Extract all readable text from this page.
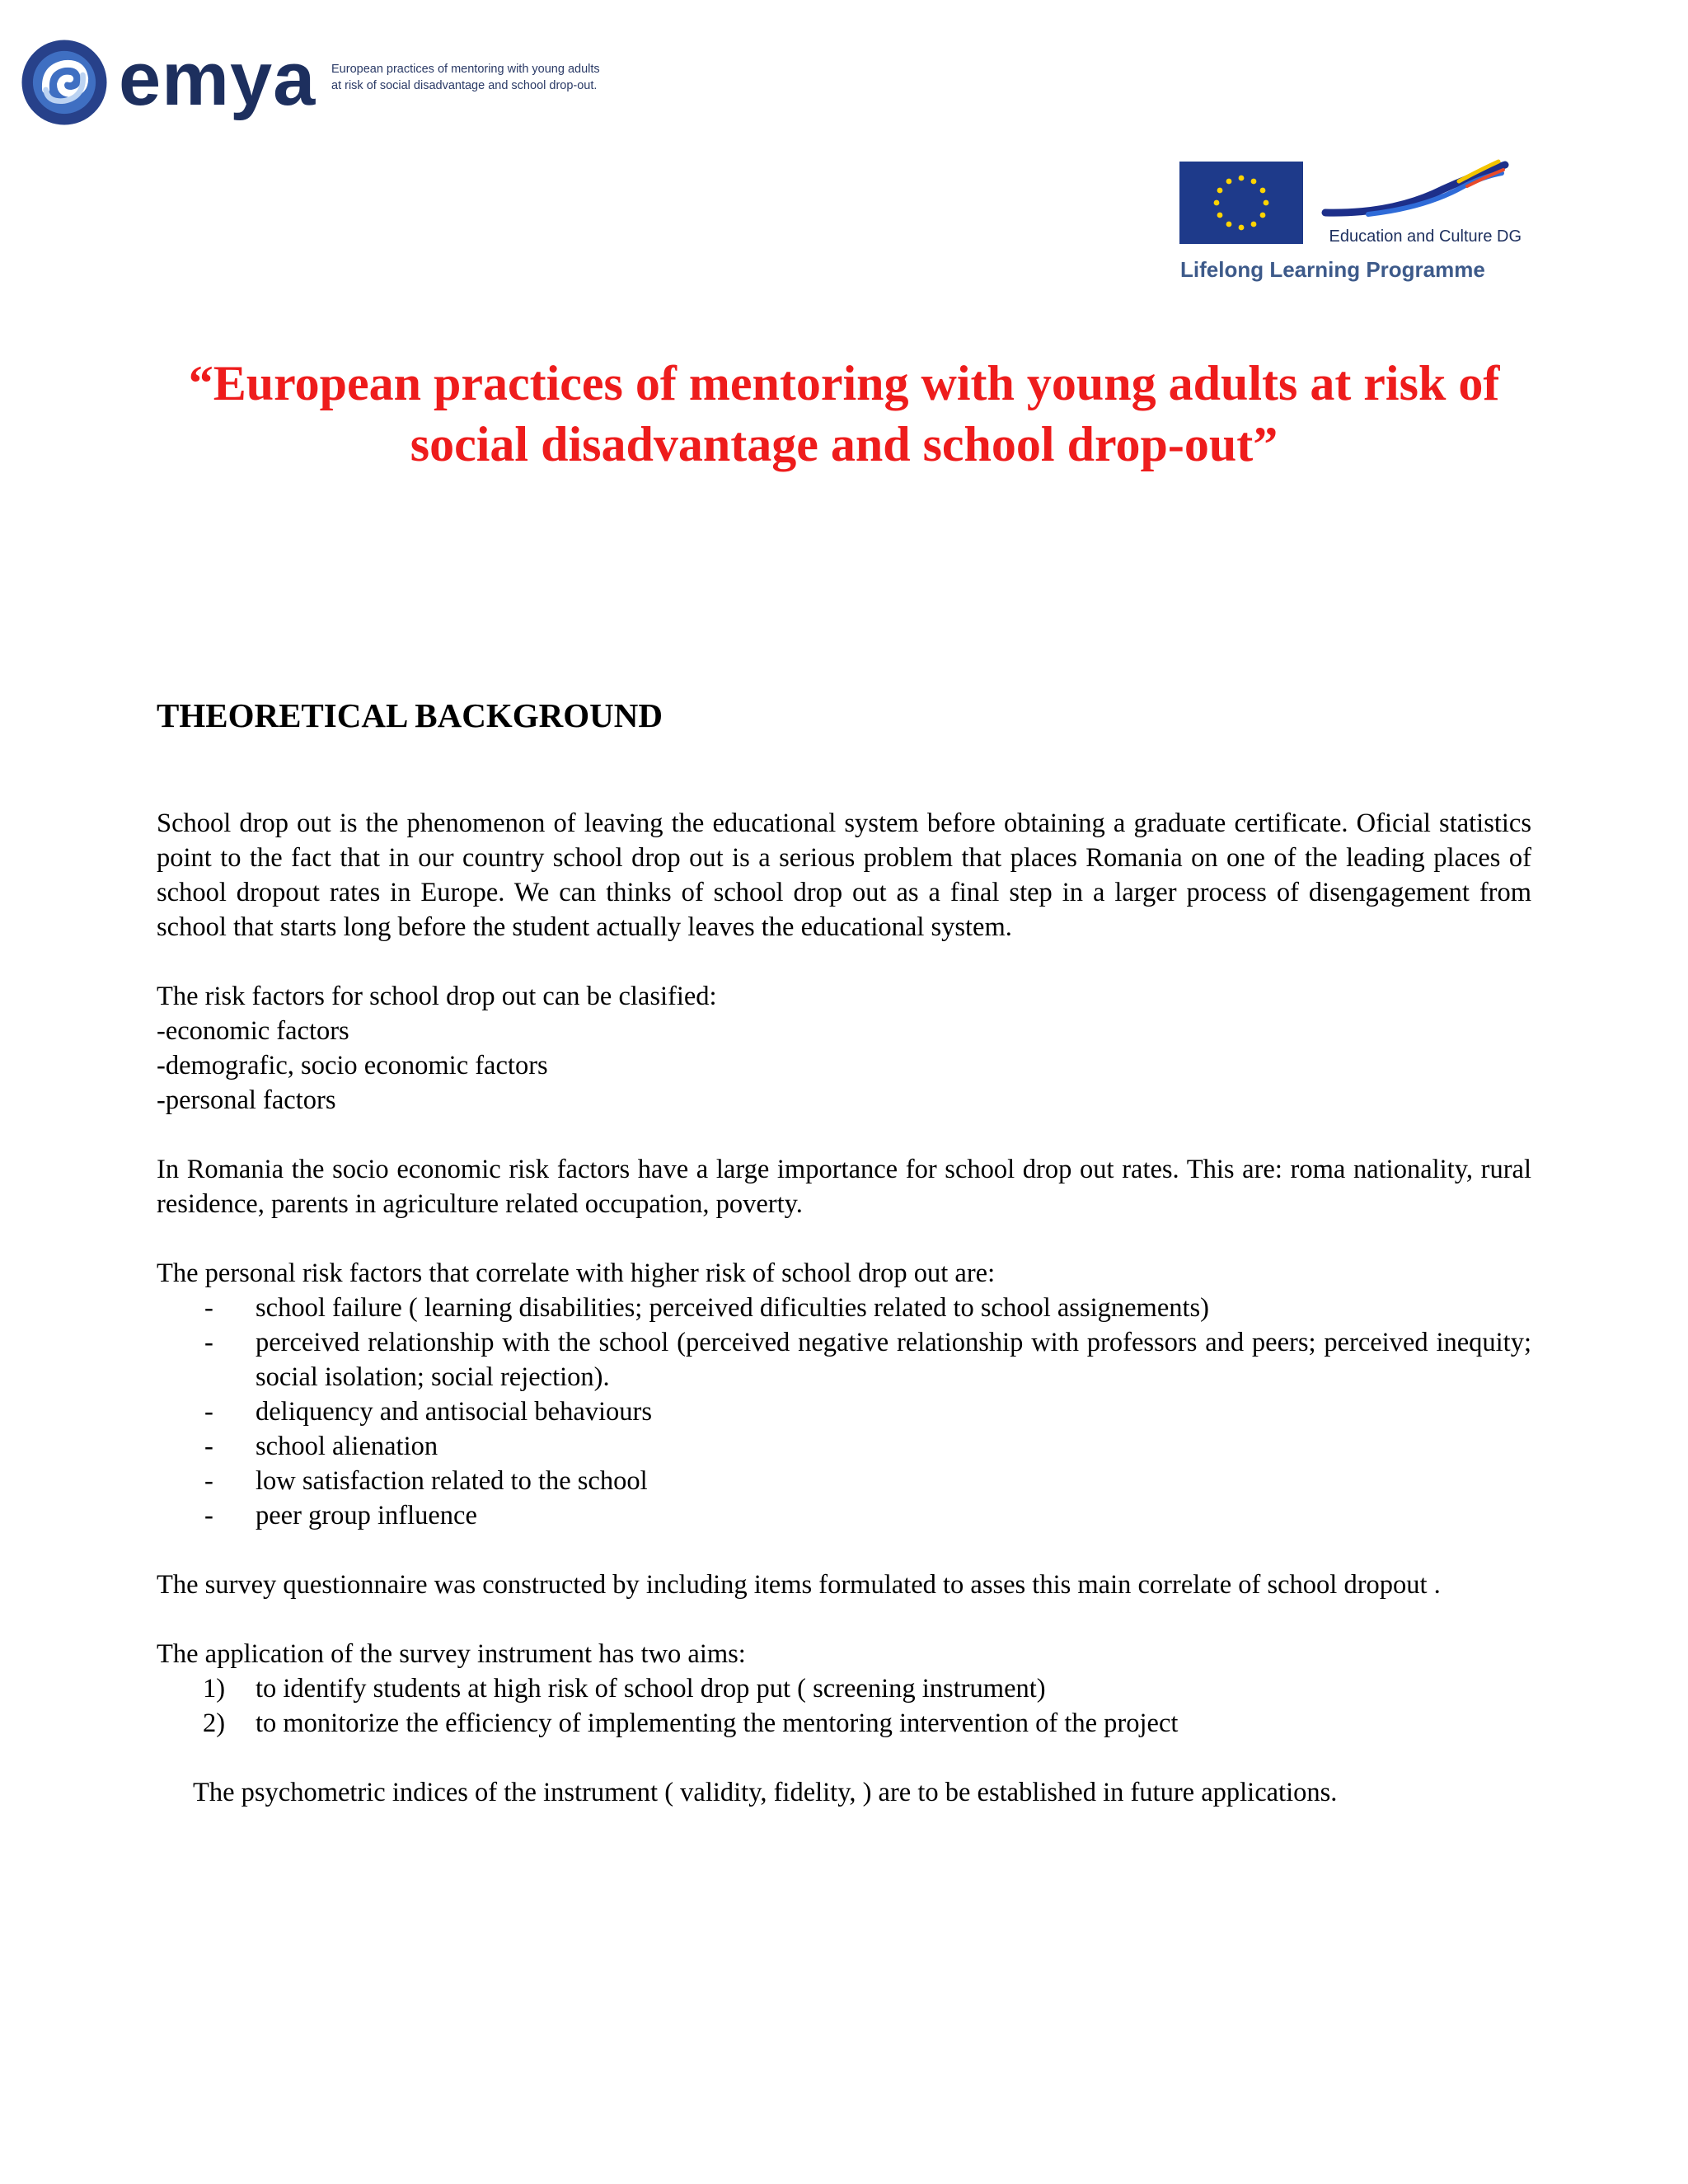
emya European practices of mentoring with young adults
at risk of social disadvantage and school drop-out.
Education and Culture DG
Lifelong Learning Programme
“European practices of mentoring with young adults at risk of
social disadvantage and school drop-out”
THEORETICAL BACKGROUND

School drop out is the phenomenon of leaving the educational system before obtaining a graduate certificate. Oficial statistics point to the fact that in our country school drop out is a serious problem that places Romania on one of the leading places of school dropout rates in Europe. We can thinks of school drop out as a final step in a larger process of disengagement from school that starts long before the student actually leaves the educational system.

The risk factors for school drop out can be clasified:

-economic factors

-demografic, socio economic factors

-personal factors

In Romania the socio economic risk factors have a large importance for school drop out rates. This are: roma nationality, rural residence, parents in agriculture related occupation, poverty.

The personal risk factors that correlate with higher risk of school drop out are:

- school failure ( learning disabilities; perceived dificulties related to school assignements)
- perceived relationship with the school (perceived negative relationship with professors and peers; perceived inequity; social isolation; social rejection).
- deliquency and antisocial behaviours
- school alienation
- low satisfaction related to the school
- peer group influence

The survey questionnaire was constructed by including items formulated to asses this main correlate of school dropout .

The application of the survey instrument has two aims:

1) to identify students at high risk of school drop put ( screening instrument)
2) to monitorize the efficiency of implementing the mentoring intervention of the project

The psychometric indices of the instrument ( validity, fidelity, ) are to be established in future applications.
